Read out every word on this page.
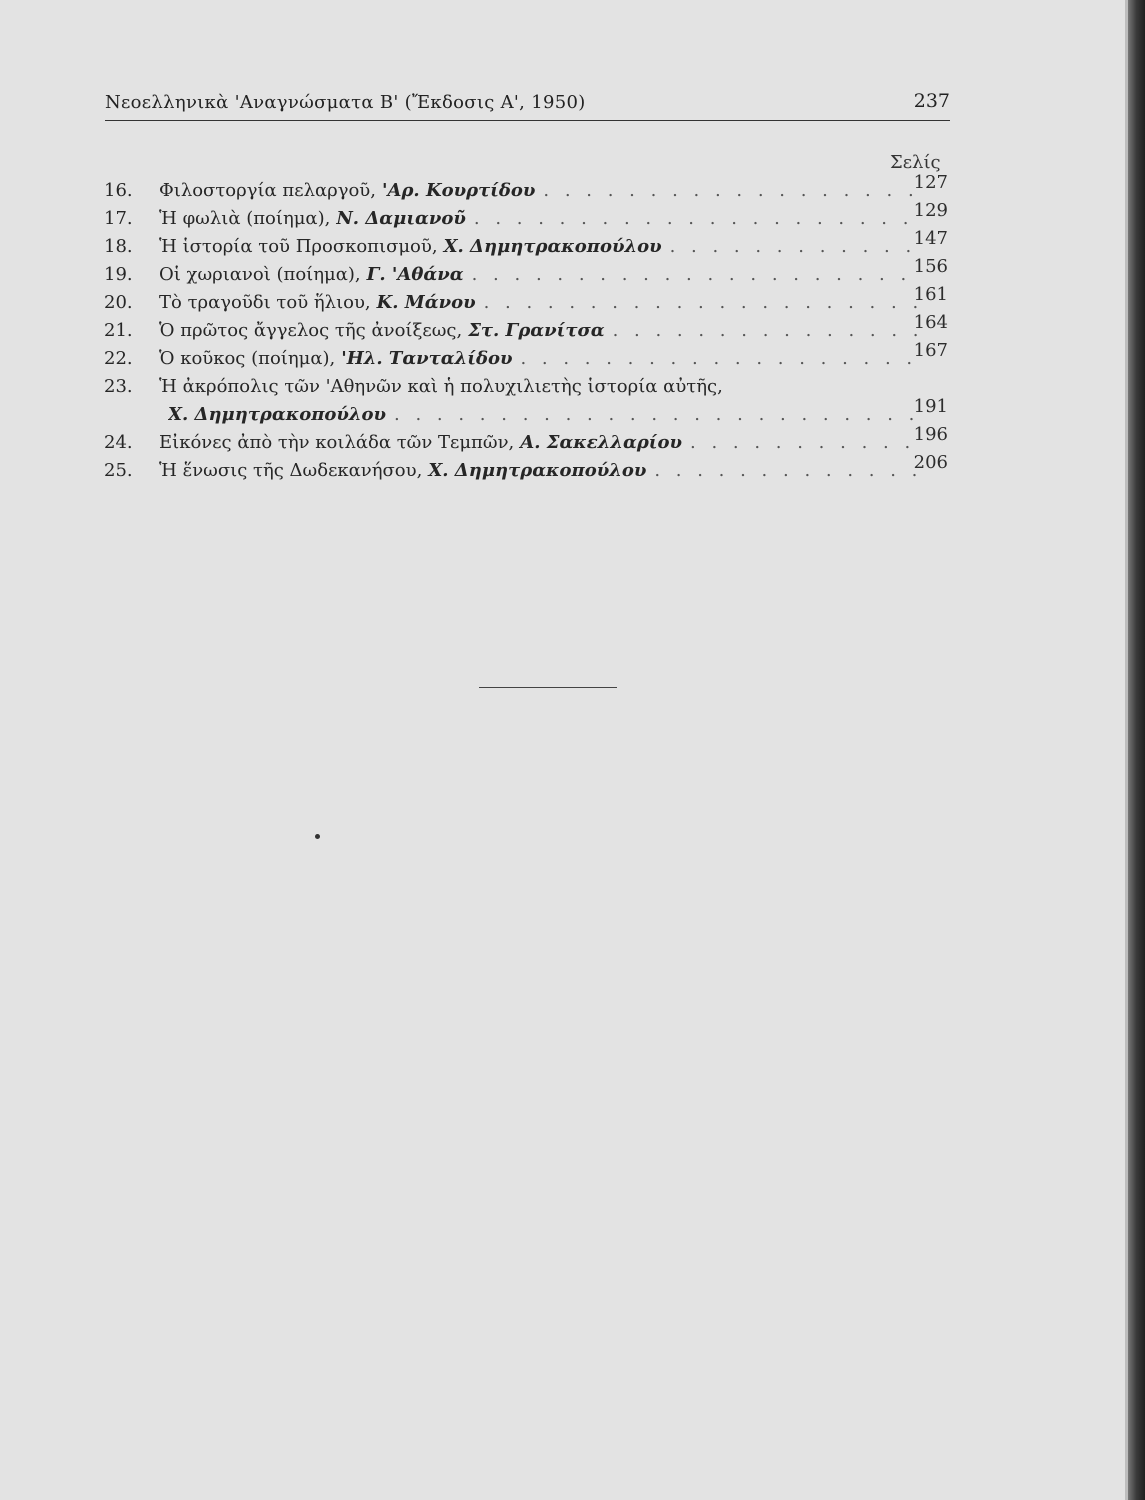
Νεοελληνικὰ 'Αναγνώσματα Β' (Ἔκδοσις Α', 1950)	237
Σελίς
16.	Φιλοστοργία πελαργοῦ, 'Αρ. Κουρτίδου . . .	127
17.	Ἡ φωλιὰ (ποίημα), Ν. Δαμιανοῦ . . .	129
18.	Ἡ ἱστορία τοῦ Προσκοπισμοῦ, Χ. Δημητρακοπούλου . . .	147
19.	Οἱ χωριανοὶ (ποίημα), Γ. 'Αθάνα . . .	156
20.	Τὸ τραγοῦδι τοῦ ἥλιου, Κ. Μάνου . . .	161
21.	Ὁ πρῶτος ἄγγελος τῆς ἀνοίξεως, Στ. Γρανίτσα . . .	164
22.	Ὁ κοῦκος (ποίημα), 'Ηλ. Τανταλίδου . . .	167
23.	Ἡ ἀκρόπολις τῶν 'Αθηνῶν καὶ ἡ πολυχιλιετὴς ἱστορία αὐτῆς,
Χ. Δημητρακοπούλου . . .	191
24.	Εἰκόνες ἀπὸ τὴν κοιλάδα τῶν Τεμπῶν, Α. Σακελλαρίου . . .	196
25.	Ἡ ἕνωσις τῆς Δωδεκανήσου, Χ. Δημητρακοπούλου . . .	206
